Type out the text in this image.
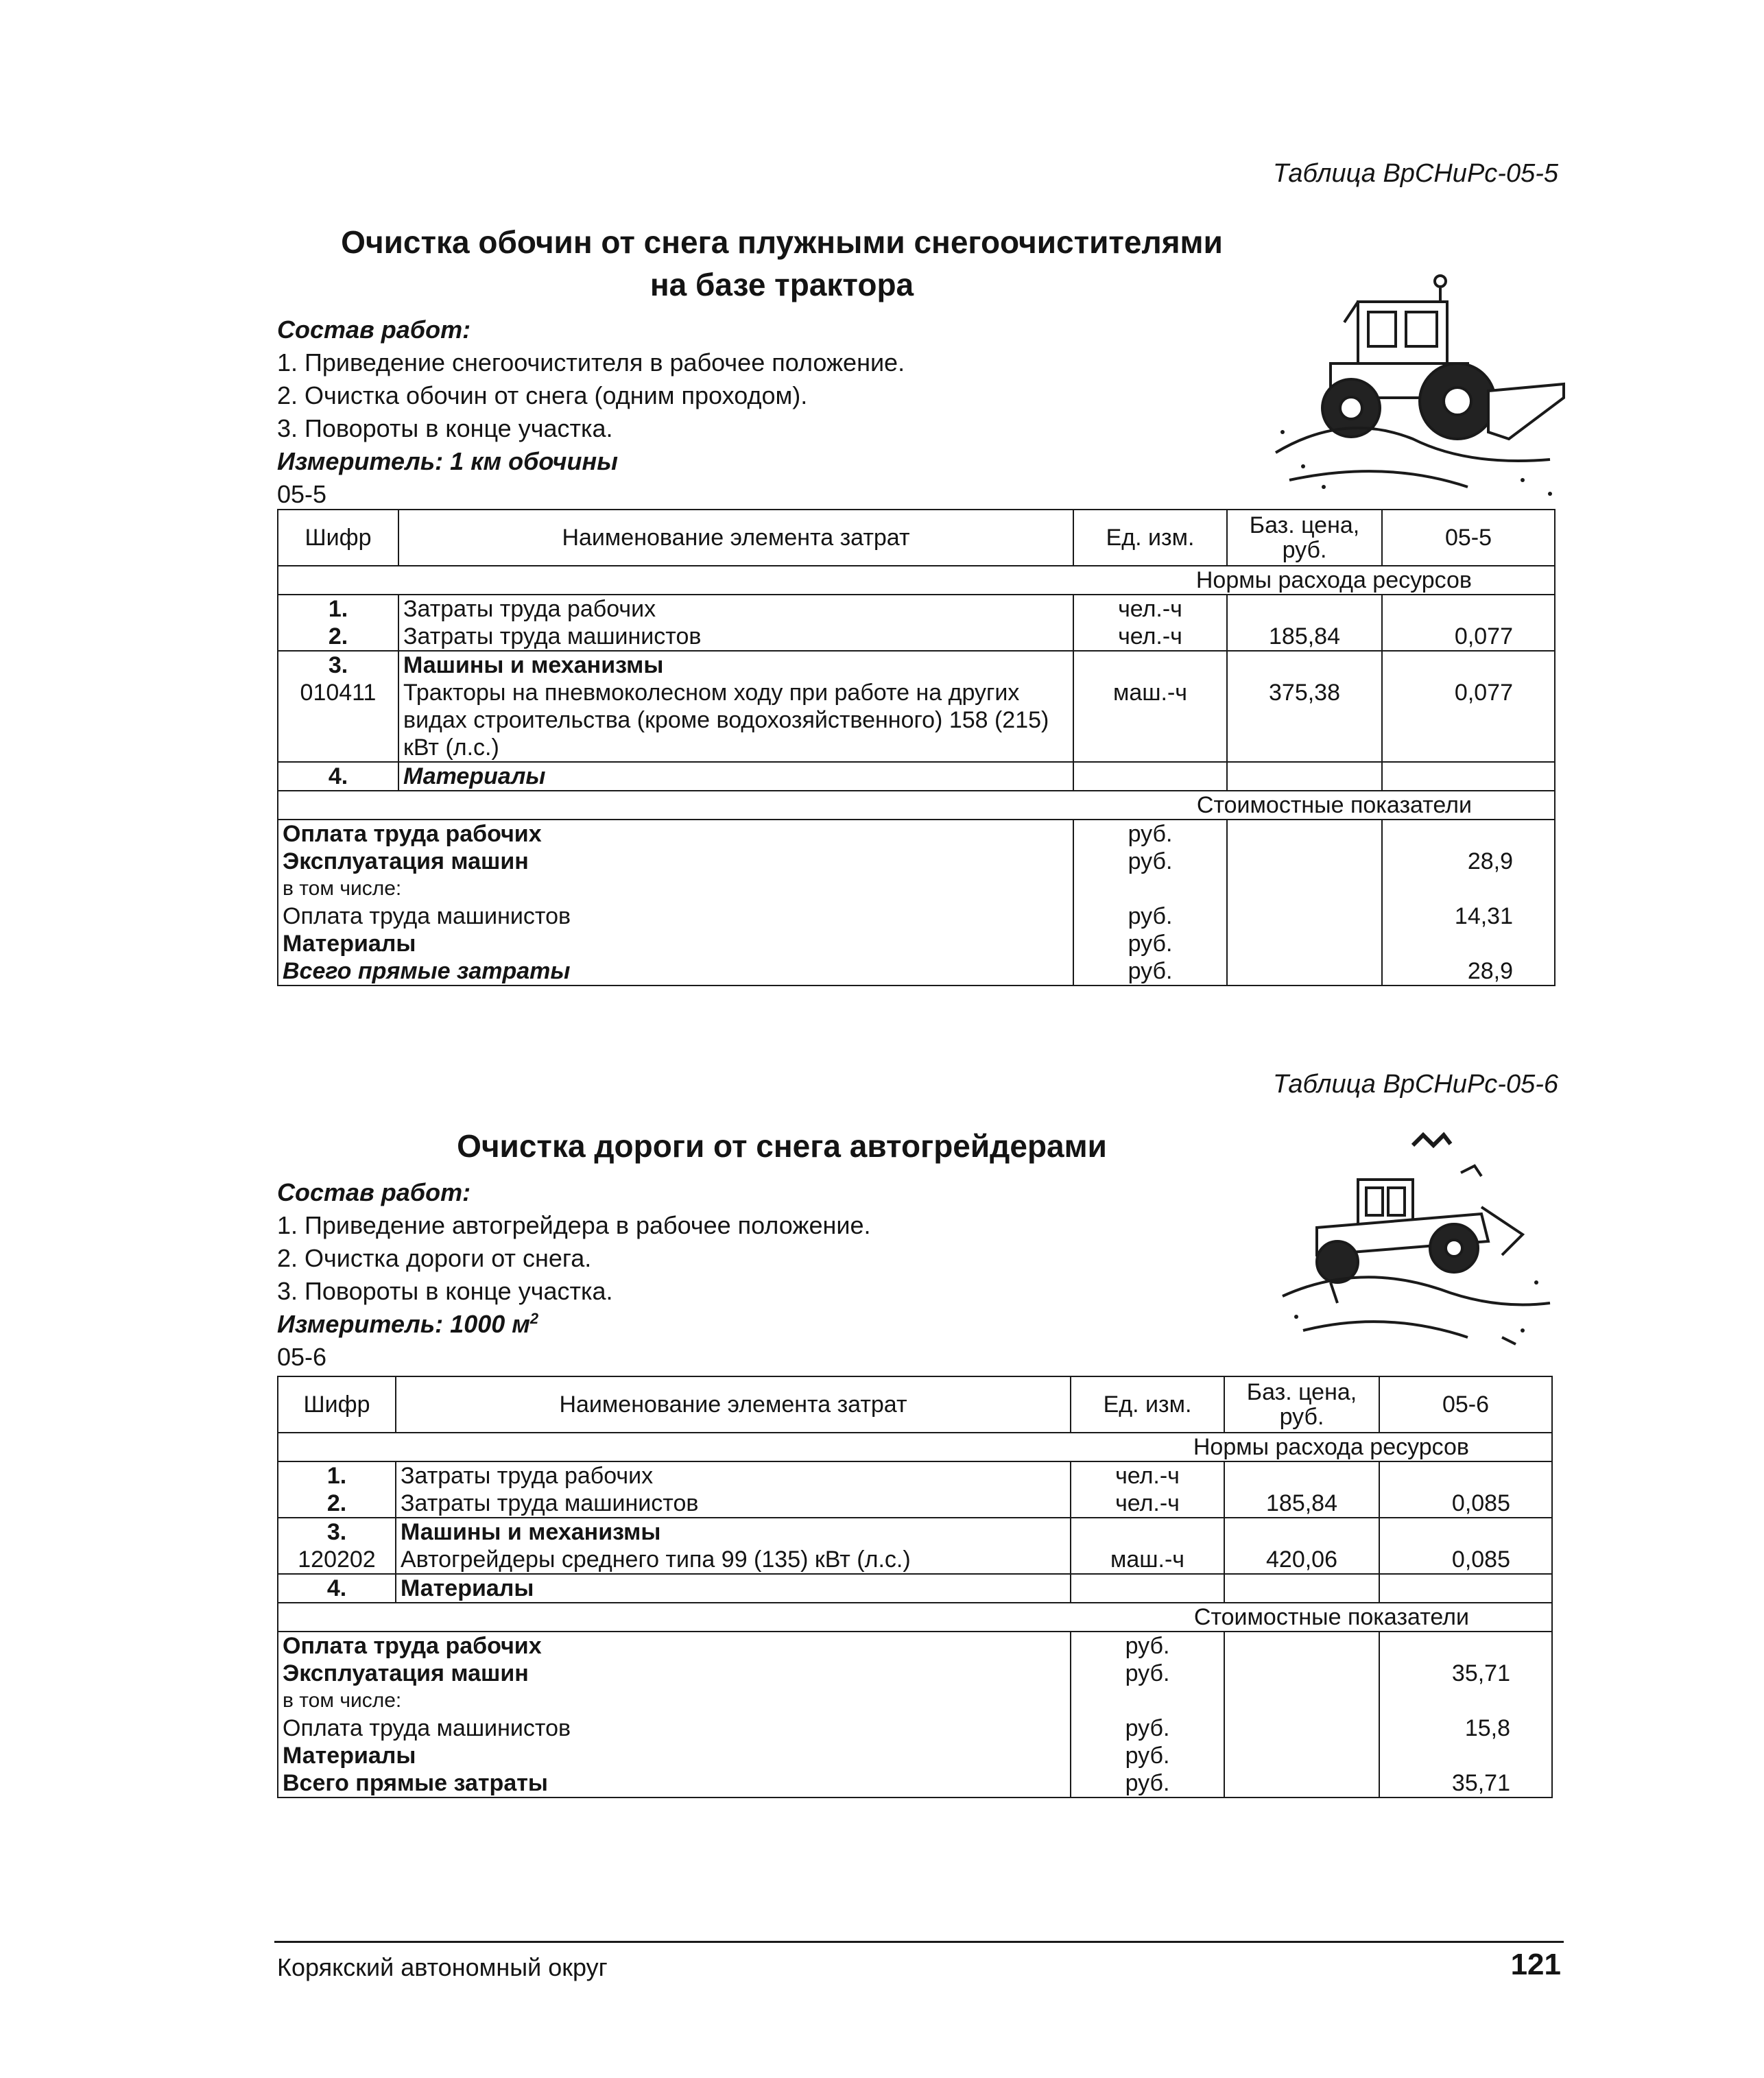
Таблица ВрСНиРс-05-5
Очистка обочин от снега плужными снегоочистителями
на базе трактора
Состав работ:
1. Приведение снегоочистителя в рабочее положение.
2. Очистка обочин от снега (одним проходом).
3. Повороты в конце участка.
Измеритель: 1 км обочины
05-5
Шифр	Наименование элемента затрат	Ед. изм.	Баз. цена, руб.	05-5
Нормы расхода ресурсов				
1.	Затраты труда рабочих	чел.-ч		
2.	Затраты труда машинистов	чел.-ч	185,84	0,077
3.	Машины и механизмы			
010411	Тракторы на пневмоколесном ходу при работе на других видах строительства (кроме водохозяйственного) 158 (215) кВт (л.с.)	маш.-ч	375,38	0,077
4.	Материалы			
Стоимостные показатели				
Оплата труда рабочих		руб.		
Эксплуатация машин		руб.		28,9
в том числе:				
Оплата труда машинистов		руб.		14,31
Материалы		руб.		
Всего прямые затраты		руб.		28,9
Таблица ВрСНиРс-05-6
Очистка дороги от снега автогрейдерами
Состав работ:
1. Приведение автогрейдера в рабочее положение.
2. Очистка дороги от снега.
3. Повороты в конце участка.
Измеритель: 1000 $м^2$
05-6
Шифр	Наименование элемента затрат	Ед. изм.	Баз. цена, руб.	05-6
Нормы расхода ресурсов				
1.	Затраты труда рабочих	чел.-ч		
2.	Затраты труда машинистов	чел.-ч	185,84	0,085
3.	Машины и механизмы			
120202	Автогрейдеры среднего типа 99 (135) кВт (л.с.)	маш.-ч	420,06	0,085
4.	Материалы			
Стоимостные показатели				
Оплата труда рабочих		руб.		
Эксплуатация машин		руб.		35,71
в том числе:				
Оплата труда машинистов		руб.		15,8
Материалы		руб.		
Всего прямые затраты		руб.		35,71
Корякский автономный округ	121
